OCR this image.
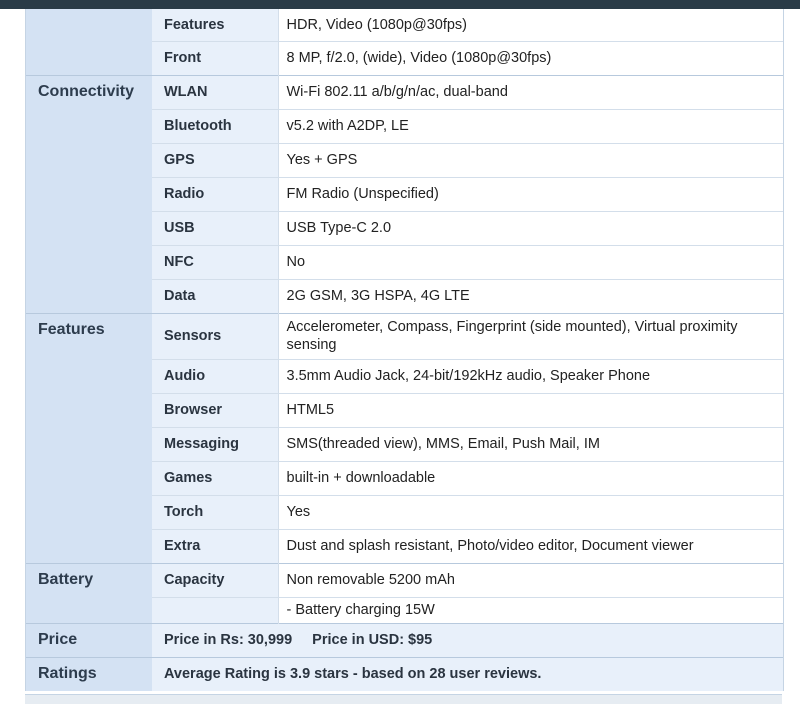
	Features	HDR, Video (1080p@30fps)
	Front	8 MP, f/2.0, (wide), Video (1080p@30fps)
Connectivity	WLAN	Wi-Fi 802.11 a/b/g/n/ac, dual-band
	Bluetooth	v5.2 with A2DP, LE
	GPS	Yes + GPS
	Radio	FM Radio (Unspecified)
	USB	USB Type-C 2.0
	NFC	No
	Data	2G GSM, 3G HSPA, 4G LTE
Features	Sensors	Accelerometer, Compass, Fingerprint (side mounted), Virtual proximity sensing
	Audio	3.5mm Audio Jack, 24-bit/192kHz audio, Speaker Phone
	Browser	HTML5
	Messaging	SMS(threaded view), MMS, Email, Push Mail, IM
	Games	built-in + downloadable
	Torch	Yes
	Extra	Dust and splash resistant, Photo/video editor, Document viewer
Battery	Capacity	Non removable 5200 mAh
		- Battery charging 15W
Price	Price in Rs: 30,999 Price in USD: $95	
Ratings	Average Rating is 3.9 stars - based on 28 user reviews.	
